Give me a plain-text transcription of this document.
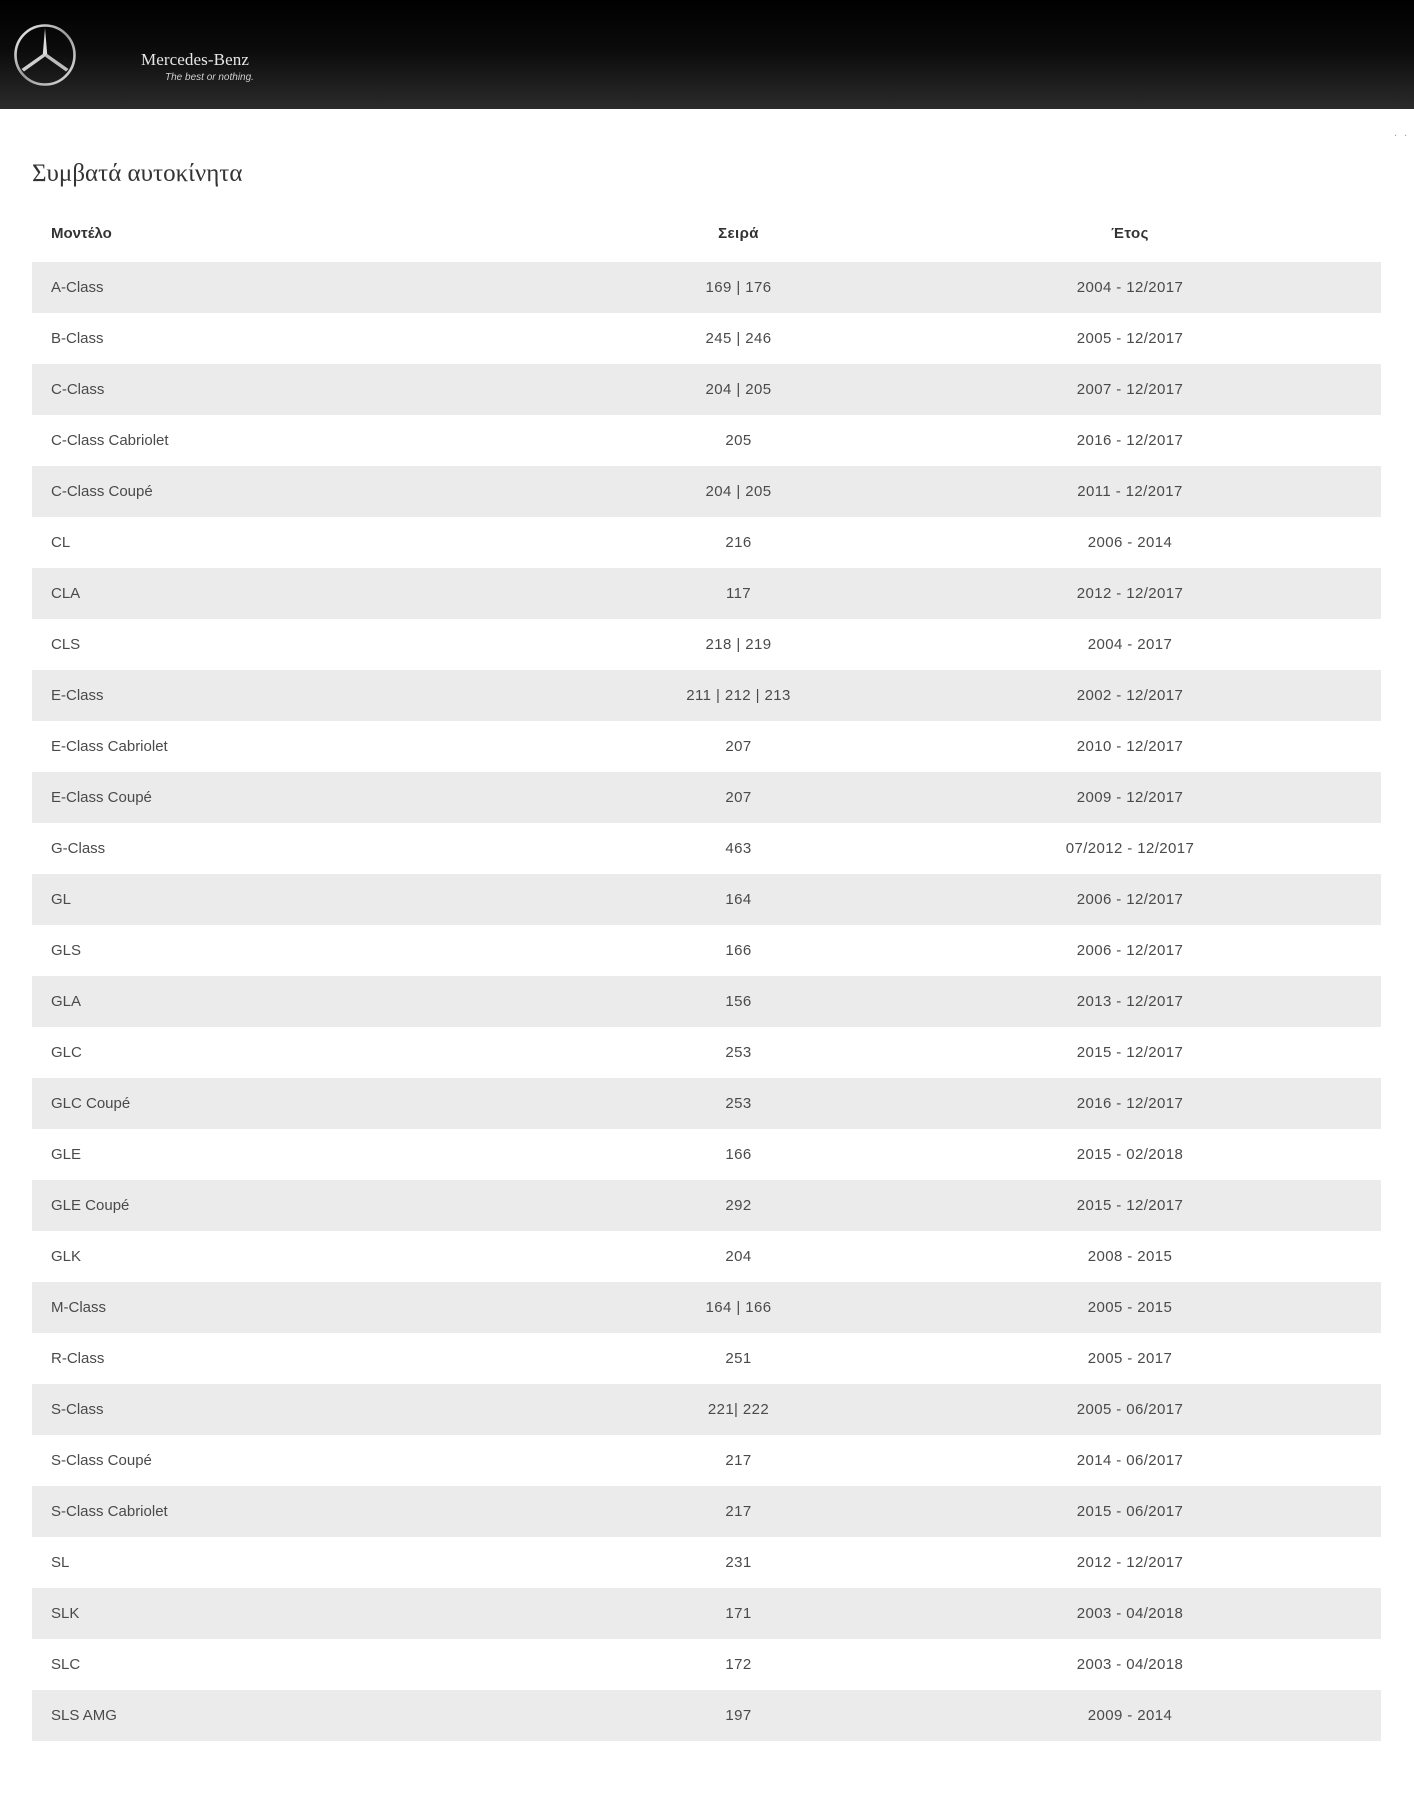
Mercedes-Benz
The best or nothing.
. .
Συμβατά αυτοκίνητα
Μοντέλο	Σειρά	Έτος
A-Class	169 | 176	2004 - 12/2017
B-Class	245 | 246	2005 - 12/2017
C-Class	204 | 205	2007 - 12/2017
C-Class Cabriolet	205	2016 - 12/2017
C-Class Coupé	204 | 205	2011 - 12/2017
CL	216	2006 - 2014
CLA	117	2012 - 12/2017
CLS	218 | 219	2004 - 2017
E-Class	211 | 212 | 213	2002 - 12/2017
E-Class Cabriolet	207	2010 - 12/2017
E-Class Coupé	207	2009 - 12/2017
G-Class	463	07/2012 - 12/2017
GL	164	2006 - 12/2017
GLS	166	2006 - 12/2017
GLA	156	2013 - 12/2017
GLC	253	2015 - 12/2017
GLC Coupé	253	2016 - 12/2017
GLE	166	2015 - 02/2018
GLE Coupé	292	2015 - 12/2017
GLK	204	2008 - 2015
M-Class	164 | 166	2005 - 2015
R-Class	251	2005 - 2017
S-Class	221| 222	2005 - 06/2017
S-Class Coupé	217	2014 - 06/2017
S-Class Cabriolet	217	2015 - 06/2017
SL	231	2012 - 12/2017
SLK	171	2003 - 04/2018
SLC	172	2003 - 04/2018
SLS AMG	197	2009 - 2014
